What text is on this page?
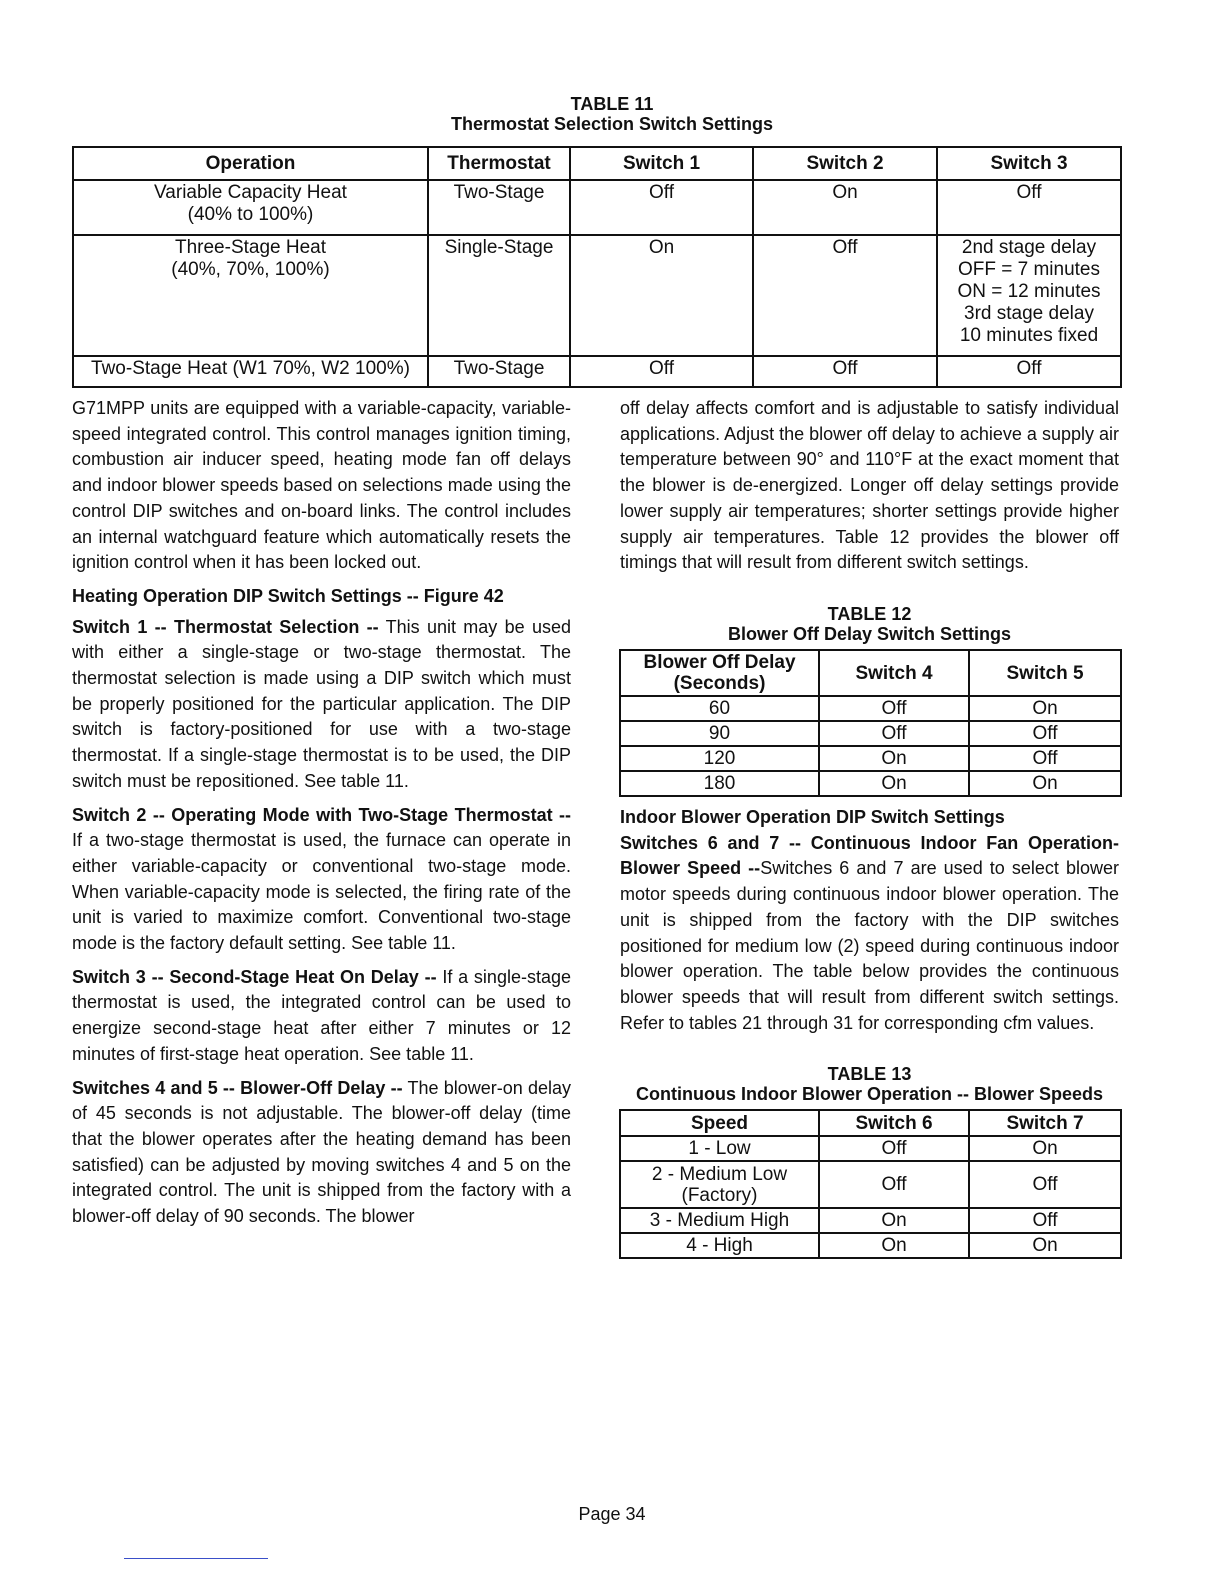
TABLE 11
Thermostat Selection Switch Settings
Operation	Thermostat	Switch 1	Switch 2	Switch 3
Variable Capacity Heat
(40% to 100%)	Two-Stage	Off	On	Off
Three-Stage Heat
(40%, 70%, 100%)	Single-Stage	On	Off	2nd stage delay
OFF = 7 minutes
ON = 12 minutes
3rd stage delay
10 minutes fixed
Two-Stage Heat (W1 70%, W2 100%)	Two-Stage	Off	Off	Off

G71MPP units are equipped with a variable-capacity, variable-speed integrated control. This control manages ignition timing, combustion air inducer speed, heating mode fan off delays and indoor blower speeds based on selections made using the control DIP switches and on-board links. The control includes an internal watchguard feature which automatically resets the ignition control when it has been locked out.

Heating Operation DIP Switch Settings -- Figure 42

Switch 1 -- Thermostat Selection -- This unit may be used with either a single-stage or two-stage thermostat. The thermostat selection is made using a DIP switch which must be properly positioned for the particular application. The DIP switch is factory-positioned for use with a two-stage thermostat. If a single-stage thermostat is to be used, the DIP switch must be repositioned. See table 11.

Switch 2 -- Operating Mode with Two-Stage Thermostat -- If a two-stage thermostat is used, the furnace can operate in either variable-capacity or conventional two-stage mode. When variable-capacity mode is selected, the firing rate of the unit is varied to maximize comfort. Conventional two-stage mode is the factory default setting. See table 11.

Switch 3 -- Second-Stage Heat On Delay -- If a single-stage thermostat is used, the integrated control can be used to energize second-stage heat after either 7 minutes or 12 minutes of first-stage heat operation. See table 11.

Switches 4 and 5 -- Blower-Off Delay -- The blower-on delay of 45 seconds is not adjustable. The blower-off delay (time that the blower operates after the heating demand has been satisfied) can be adjusted by moving switches 4 and 5 on the integrated control. The unit is shipped from the factory with a blower-off delay of 90 seconds. The blower

off delay affects comfort and is adjustable to satisfy individual applications. Adjust the blower off delay to achieve a supply air temperature between 90° and 110°F at the exact moment that the blower is de-energized. Longer off delay settings provide lower supply air temperatures; shorter settings provide higher supply air temperatures. Table 12 provides the blower off timings that will result from different switch settings.

TABLE 12
Blower Off Delay Switch Settings
Blower Off Delay (Seconds)	Switch 4	Switch 5
60	Off	On
90	Off	Off
120	On	Off
180	On	On

Indoor Blower Operation DIP Switch Settings

Switches 6 and 7 -- Continuous Indoor Fan Operation-Blower Speed --Switches 6 and 7 are used to select blower motor speeds during continuous indoor blower operation. The unit is shipped from the factory with the DIP switches positioned for medium low (2) speed during continuous indoor blower operation. The table below provides the continuous blower speeds that will result from different switch settings. Refer to tables 21 through 31 for corresponding cfm values.

TABLE 13
Continuous Indoor Blower Operation -- Blower Speeds
Speed	Switch 6	Switch 7
1 - Low	Off	On
2 - Medium Low
(Factory)	Off	Off
3 - Medium High	On	Off
4 - High	On	On
Page 34
